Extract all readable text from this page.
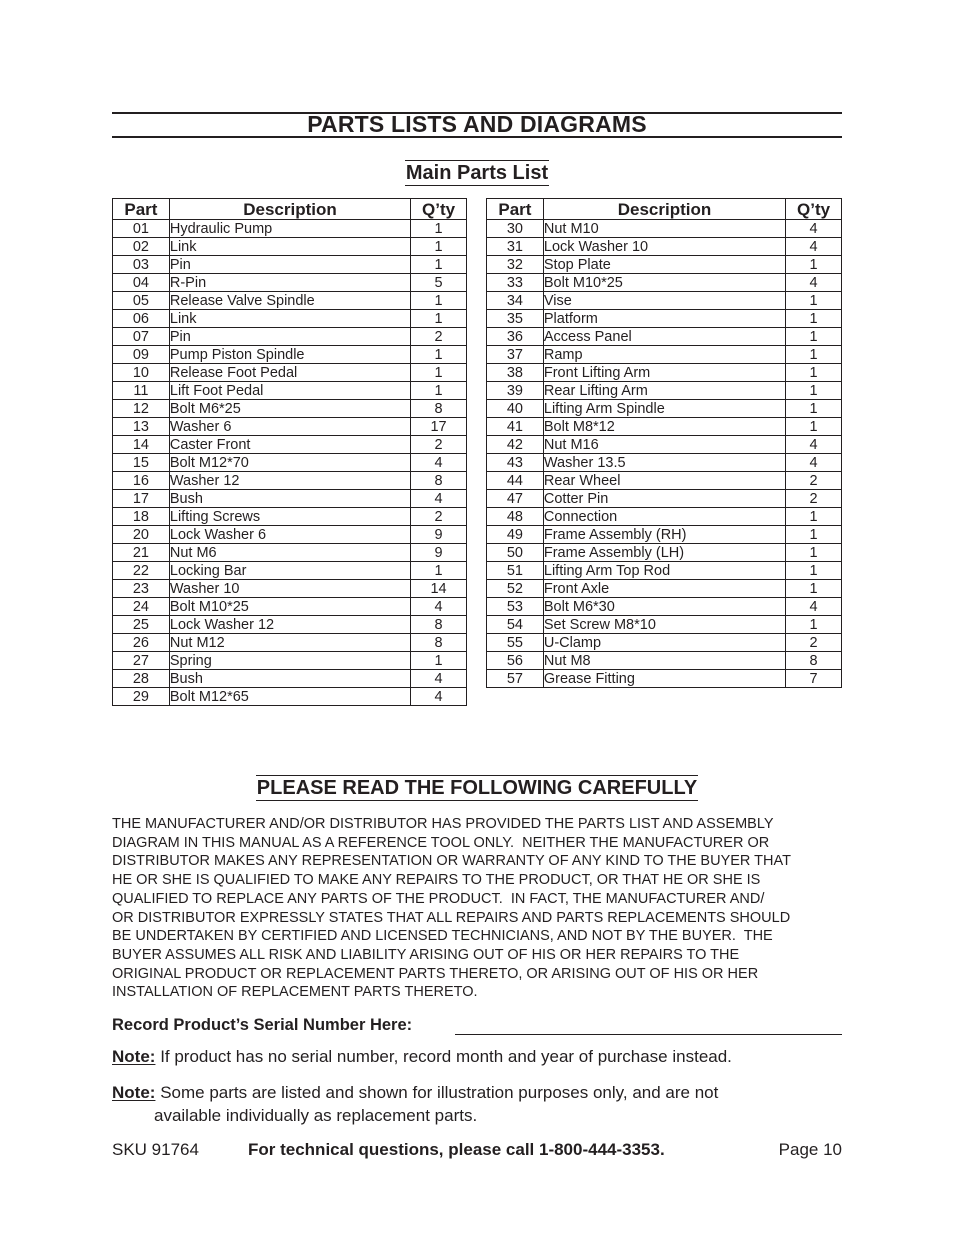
PARTS LISTS AND DIAGRAMS
Main Parts List
Part	Description	Q’ty
01	Hydraulic Pump	1
02	Link	1
03	Pin	1
04	R-Pin	5
05	Release Valve Spindle	1
06	Link	1
07	Pin	2
09	Pump Piston Spindle	1
10	Release Foot Pedal	1
11	Lift Foot Pedal	1
12	Bolt M6*25	8
13	Washer 6	17
14	Caster Front	2
15	Bolt M12*70	4
16	Washer 12	8
17	Bush	4
18	Lifting Screws	2
20	Lock Washer 6	9
21	Nut M6	9
22	Locking Bar	1
23	Washer 10	14
24	Bolt M10*25	4
25	Lock Washer 12	8
26	Nut M12	8
27	Spring	1
28	Bush	4
29	Bolt M12*65	4
Part	Description	Q’ty
30	Nut M10	4
31	Lock Washer 10	4
32	Stop Plate	1
33	Bolt M10*25	4
34	Vise	1
35	Platform	1
36	Access Panel	1
37	Ramp	1
38	Front Lifting Arm	1
39	Rear Lifting Arm	1
40	Lifting Arm Spindle	1
41	Bolt M8*12	1
42	Nut M16	4
43	Washer 13.5	4
44	Rear Wheel	2
47	Cotter Pin	2
48	Connection	1
49	Frame Assembly (RH)	1
50	Frame Assembly (LH)	1
51	Lifting Arm Top Rod	1
52	Front Axle	1
53	Bolt M6*30	4
54	Set Screw M8*10	1
55	U-Clamp	2
56	Nut M8	8
57	Grease Fitting	7
PLEASE READ THE FOLLOWING CAREFULLY
THE MANUFACTURER AND/OR DISTRIBUTOR HAS PROVIDED THE PARTS LIST AND ASSEMBLY
DIAGRAM IN THIS MANUAL AS A REFERENCE TOOL ONLY.  NEITHER THE MANUFACTURER OR
DISTRIBUTOR MAKES ANY REPRESENTATION OR WARRANTY OF ANY KIND TO THE BUYER THAT
HE OR SHE IS QUALIFIED TO MAKE ANY REPAIRS TO THE PRODUCT, OR THAT HE OR SHE IS
QUALIFIED TO REPLACE ANY PARTS OF THE PRODUCT.  IN FACT, THE MANUFACTURER AND/
OR DISTRIBUTOR EXPRESSLY STATES THAT ALL REPAIRS AND PARTS REPLACEMENTS SHOULD
BE UNDERTAKEN BY CERTIFIED AND LICENSED TECHNICIANS, AND NOT BY THE BUYER.  THE
BUYER ASSUMES ALL RISK AND LIABILITY ARISING OUT OF HIS OR HER REPAIRS TO THE
ORIGINAL PRODUCT OR REPLACEMENT PARTS THERETO, OR ARISING OUT OF HIS OR HER
INSTALLATION OF REPLACEMENT PARTS THERETO.
Record Product’s Serial Number Here:
Note: If product has no serial number, record month and year of purchase instead.
Note: Some parts are listed and shown for illustration purposes only, and are not
available individually as replacement parts.
SKU 91764	For technical questions, please call 1-800-444-3353.	Page 10
